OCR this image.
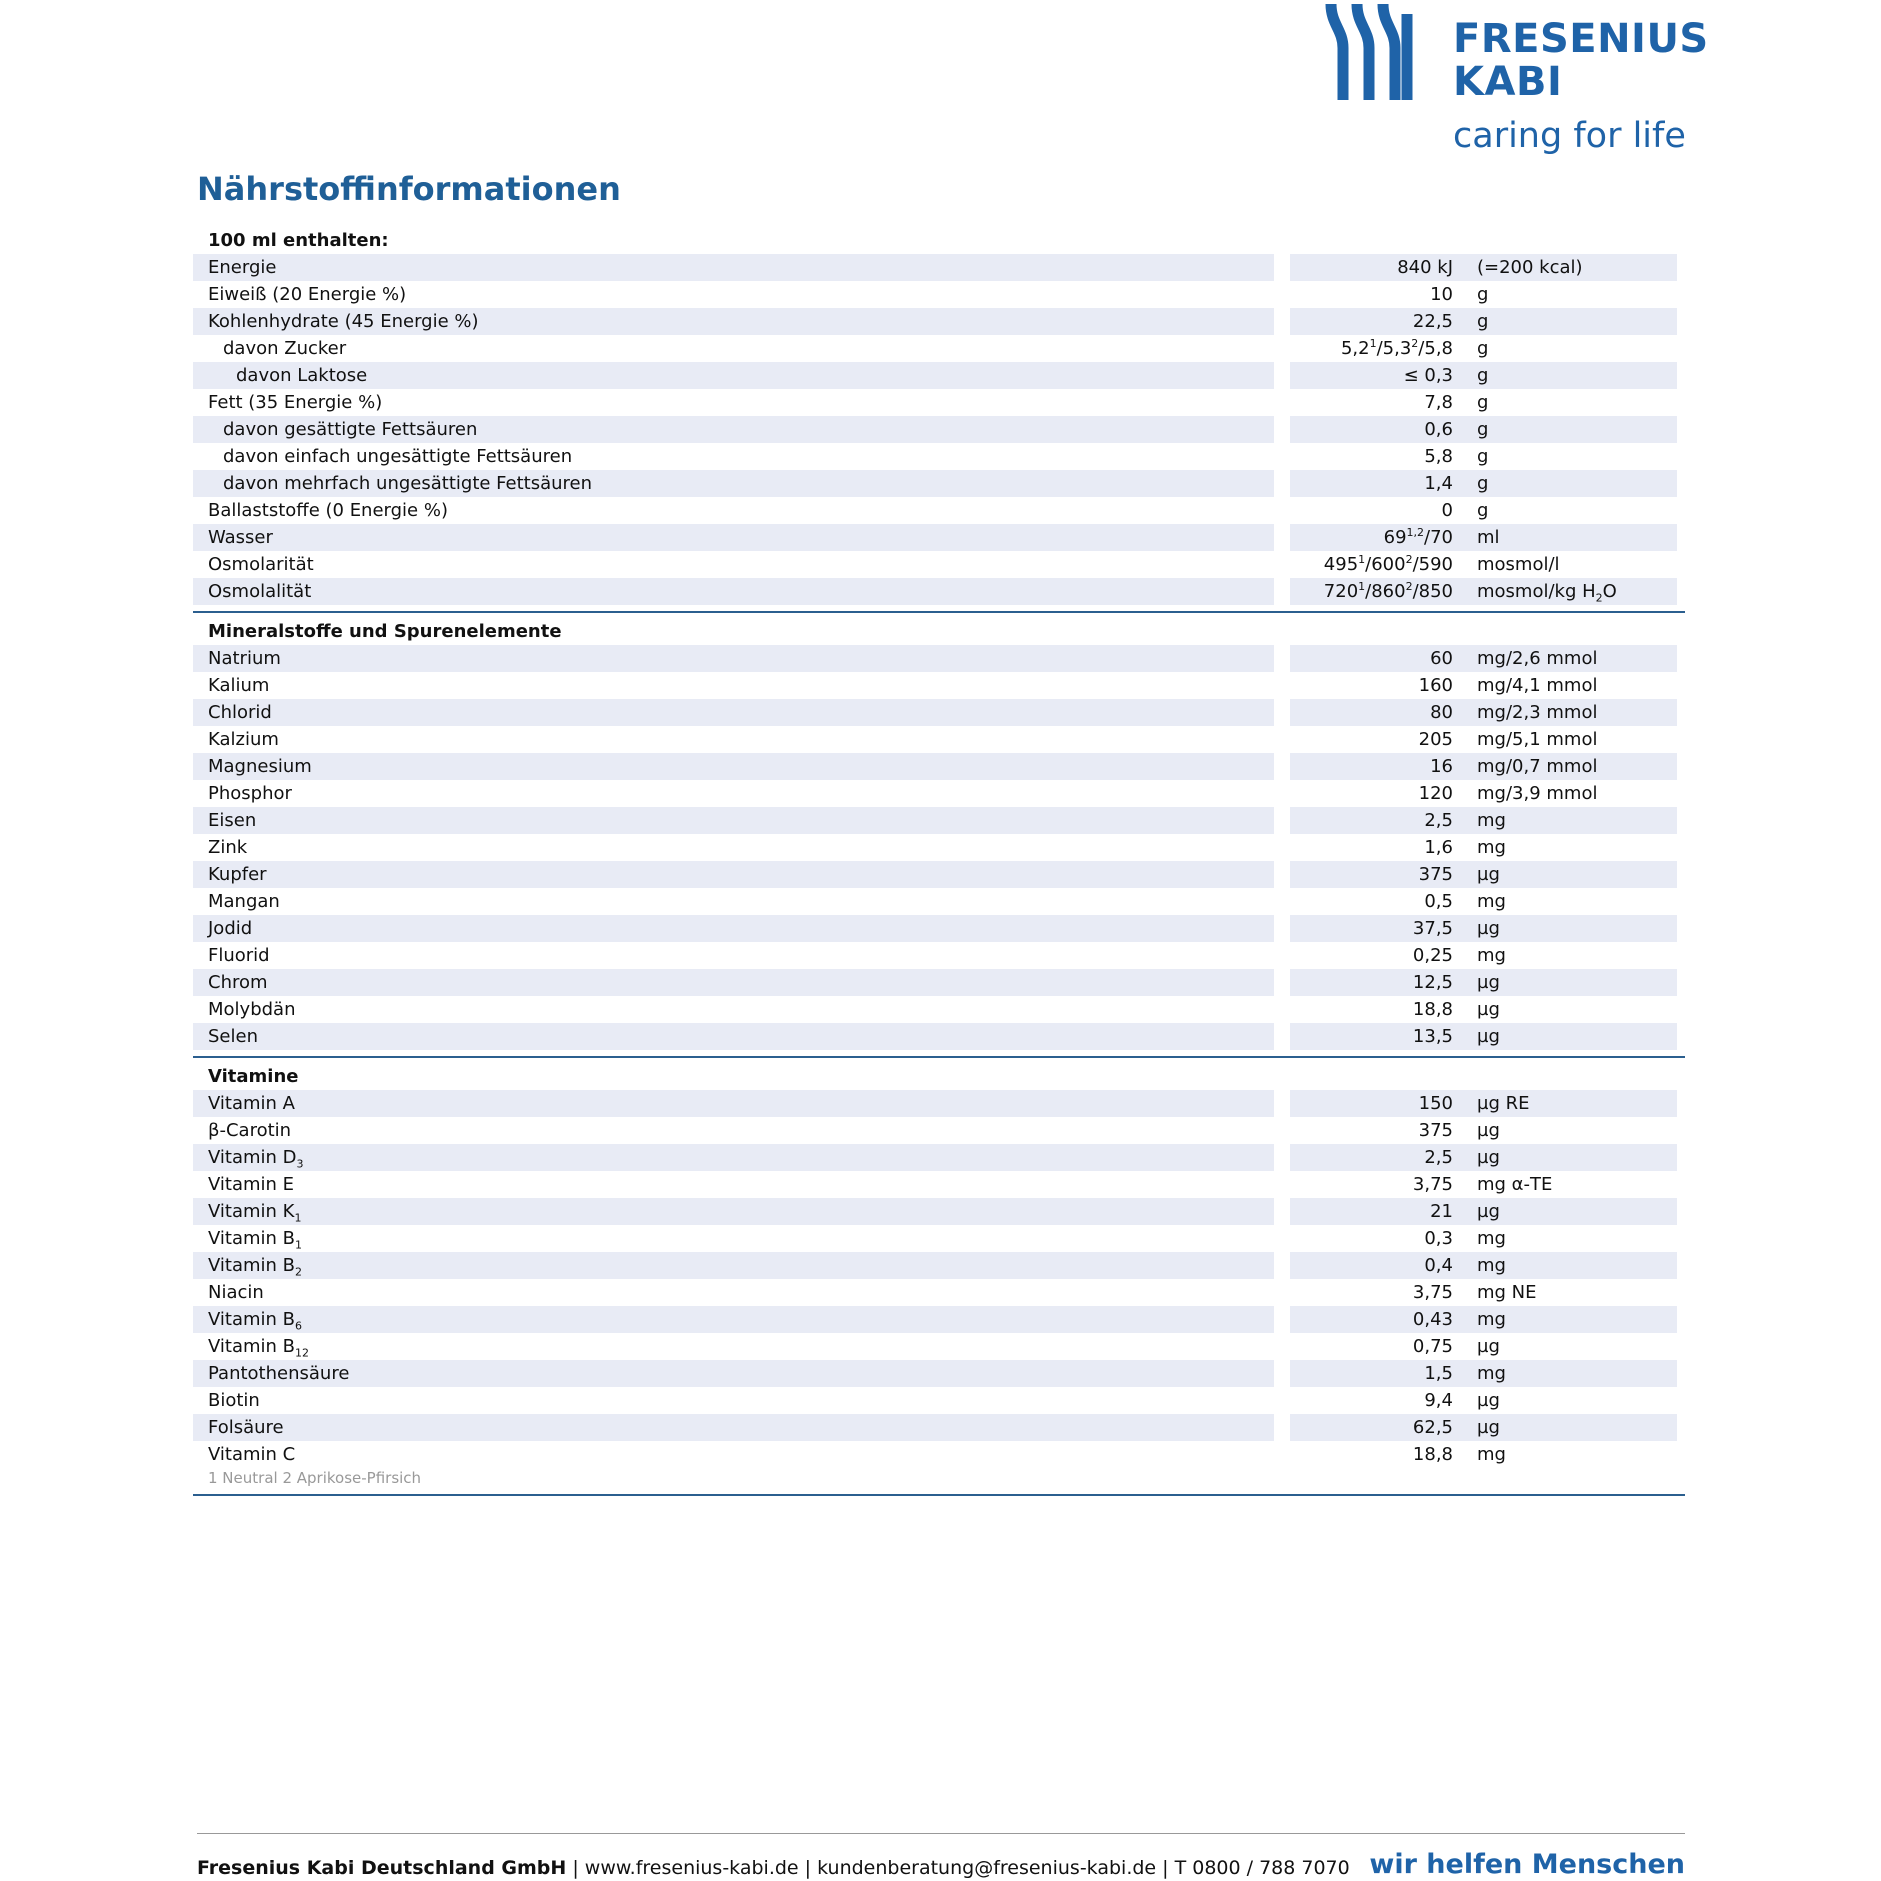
FRESENIUS
KABI
caring for life
Nährstoffinformationen
100 ml enthalten:
Energie	840 kJ	(=200 kcal)
Eiweiß (20 Energie %)	10	g
Kohlenhydrate (45 Energie %)	22,5	g
davon Zucker	$5,2^1/5,3^2/5,8$	g
davon Laktose	≤ 0,3	g
Fett (35 Energie %)	7,8	g
davon gesättigte Fettsäuren	0,6	g
davon einfach ungesättigte Fettsäuren	5,8	g
davon mehrfach ungesättigte Fettsäuren	1,4	g
Ballaststoffe (0 Energie %)	0	g
Wasser	69$^{1,2}$/70	ml
Osmolarität	$495^1/600^2/590$	mosmol/l
Osmolalität	$720^1/860^2/850$	mosmol/kg $H_2O$
Mineralstoffe und Spurenelemente
Natrium	60	mg/2,6 mmol
Kalium	160	mg/4,1 mmol
Chlorid	80	mg/2,3 mmol
Kalzium	205	mg/5,1 mmol
Magnesium	16	mg/0,7 mmol
Phosphor	120	mg/3,9 mmol
Eisen	2,5	mg
Zink	1,6	mg
Kupfer	375	µg
Mangan	0,5	mg
Jodid	37,5	µg
Fluorid	0,25	mg
Chrom	12,5	µg
Molybdän	18,8	µg
Selen	13,5	µg
Vitamine
Vitamin A	150	µg RE
β-Carotin	375	µg
Vitamin $D_3$	2,5	µg
Vitamin E	3,75	mg α-TE
Vitamin $K_1$	21	µg
Vitamin $B_1$	0,3	mg
Vitamin $B_2$	0,4	mg
Niacin	3,75	mg NE
Vitamin $B_6$	0,43	mg
Vitamin $B_{12}$	0,75	µg
Pantothensäure	1,5	mg
Biotin	9,4	µg
Folsäure	62,5	µg
Vitamin C	18,8	mg
1 Neutral 2 Aprikose-Pfirsich
Fresenius Kabi Deutschland GmbH | www.fresenius-kabi.de | kundenberatung@fresenius-kabi.de | T 0800 / 788 7070 wir helfen Menschen
